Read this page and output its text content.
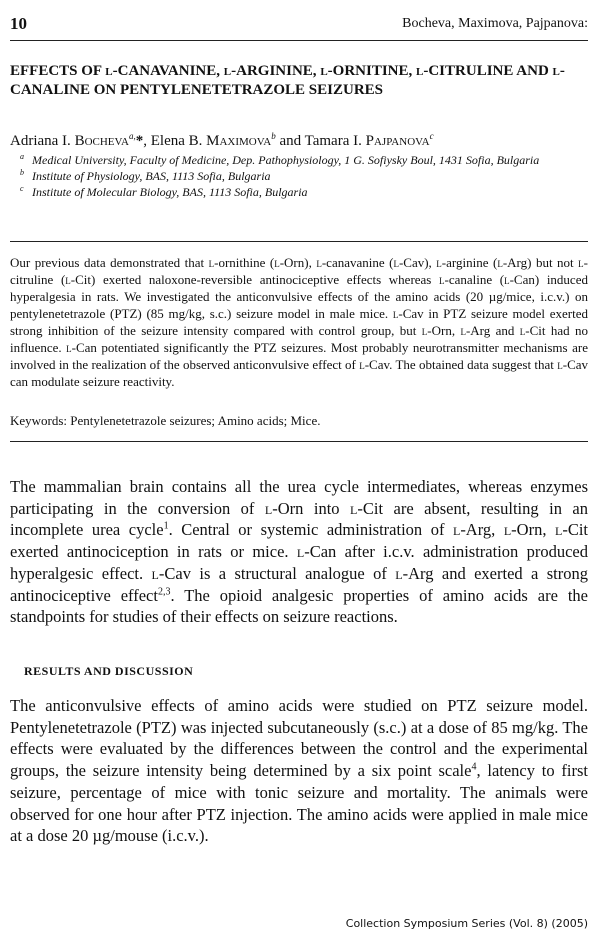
10	Bocheva, Maximova, Pajpanova:
EFFECTS OF l-CANAVANINE, l-ARGININE, l-ORNITINE, l-CITRULINE AND l-CANALINE ON PENTYLENETETRAZOLE SEIZURES
Adriana I. Bocheva$^{a,}$*, Elena B. Maximova$^b$ and Tamara I. Pajpanova$^c$
a Medical University, Faculty of Medicine, Dep. Pathophysiology, 1 G. Sofiysky Boul, 1431 Sofia, Bulgaria
b Institute of Physiology, BAS, 1113 Sofia, Bulgaria
c Institute of Molecular Biology, BAS, 1113 Sofia, Bulgaria
Our previous data demonstrated that l-ornithine (l-Orn), l-canavanine (l-Cav), l-arginine (l-Arg) but not l-citruline (l-Cit) exerted naloxone-reversible antinociceptive effects whereas l-canaline (l-Can) induced hyperalgesia in rats. We investigated the anticonvulsive effects of the amino acids (20 µg/mice, i.c.v.) on pentylenetetrazole (PTZ) (85 mg/kg, s.c.) seizure model in male mice. l-Cav in PTZ seizure model exerted strong inhibition of the seizure intensity compared with control group, but l-Orn, l-Arg and l-Cit had no influence. l-Can potentiated significantly the PTZ seizures. Most probably neurotransmitter mechanisms are involved in the realization of the observed anticonvulsive effect of l-Cav. The obtained data suggest that l-Cav can modulate seizure reactivity.
Keywords: Pentylenetetrazole seizures; Amino acids; Mice.

The mammalian brain contains all the urea cycle intermediates, whereas enzymes participating in the conversion of l-Orn into l-Cit are absent, resulting in an incomplete urea cycle$^1$. Central or systemic administration of l-Arg, l-Orn, l-Cit exerted antinociception in rats or mice. l-Can after i.c.v. administration produced hyperalgesic effect. l-Cav is a structural analogue of l-Arg and exerted a strong antinociceptive effect$^{2,3}$. The opioid analgesic properties of amino acids are the standpoints for studies of their effects on seizure reactions.

RESULTS AND DISCUSSION

The anticonvulsive effects of amino acids were studied on PTZ seizure model. Pentylenetetrazole (PTZ) was injected subcutaneously (s.c.) at a dose of 85 mg/kg. The effects were evaluated by the differences between the control and the experimental groups, the seizure intensity being determined by a six point scale$^4$, latency to first seizure, percentage of mice with tonic seizure and mortality. The animals were observed for one hour after PTZ injection. The amino acids were applied in male mice at a dose 20 µg/mouse (i.c.v.).

Collection Symposium Series (Vol. 8) (2005)
